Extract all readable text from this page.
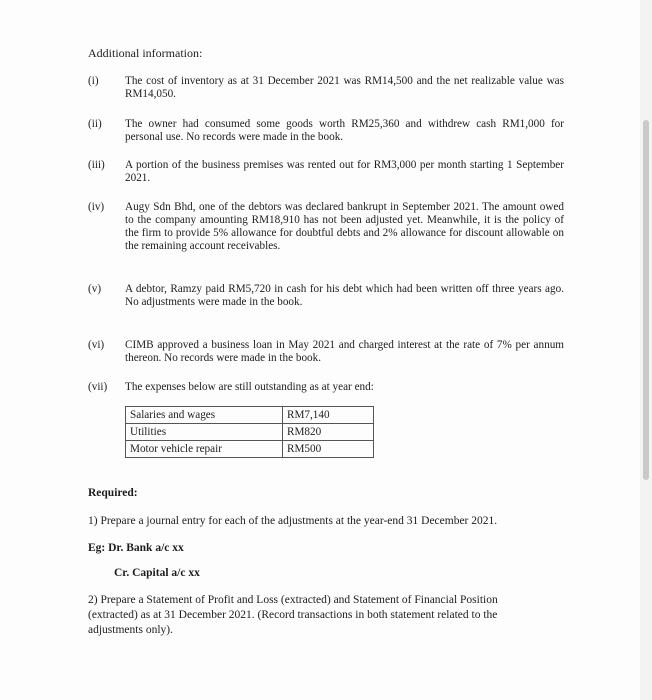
Additional information:
(i) The cost of inventory as at 31 December 2021 was RM14,500 and the net realizable value was RM14,050.
(ii) The owner had consumed some goods worth RM25,360 and withdrew cash RM1,000 for personal use. No records were made in the book.
(iii) A portion of the business premises was rented out for RM3,000 per month starting 1 September 2021.
(iv) Augy Sdn Bhd, one of the debtors was declared bankrupt in September 2021. The amount owed to the company amounting RM18,910 has not been adjusted yet. Meanwhile, it is the policy of the firm to provide 5% allowance for doubtful debts and 2% allowance for discount allowable on the remaining account receivables.
(v) A debtor, Ramzy paid RM5,720 in cash for his debt which had been written off three years ago. No adjustments were made in the book.
(vi) CIMB approved a business loan in May 2021 and charged interest at the rate of 7% per annum thereon. No records were made in the book.
(vii) The expenses below are still outstanding as at year end:
Salaries and wages	RM7,140
Utilities	RM820
Motor vehicle repair	RM500
Required:
1) Prepare a journal entry for each of the adjustments at the year-end 31 December 2021.
Eg: Dr. Bank a/c xx
Cr. Capital a/c xx
2) Prepare a Statement of Profit and Loss (extracted) and Statement of Financial Position (extracted) as at 31 December 2021. (Record transactions in both statement related to the adjustments only).
